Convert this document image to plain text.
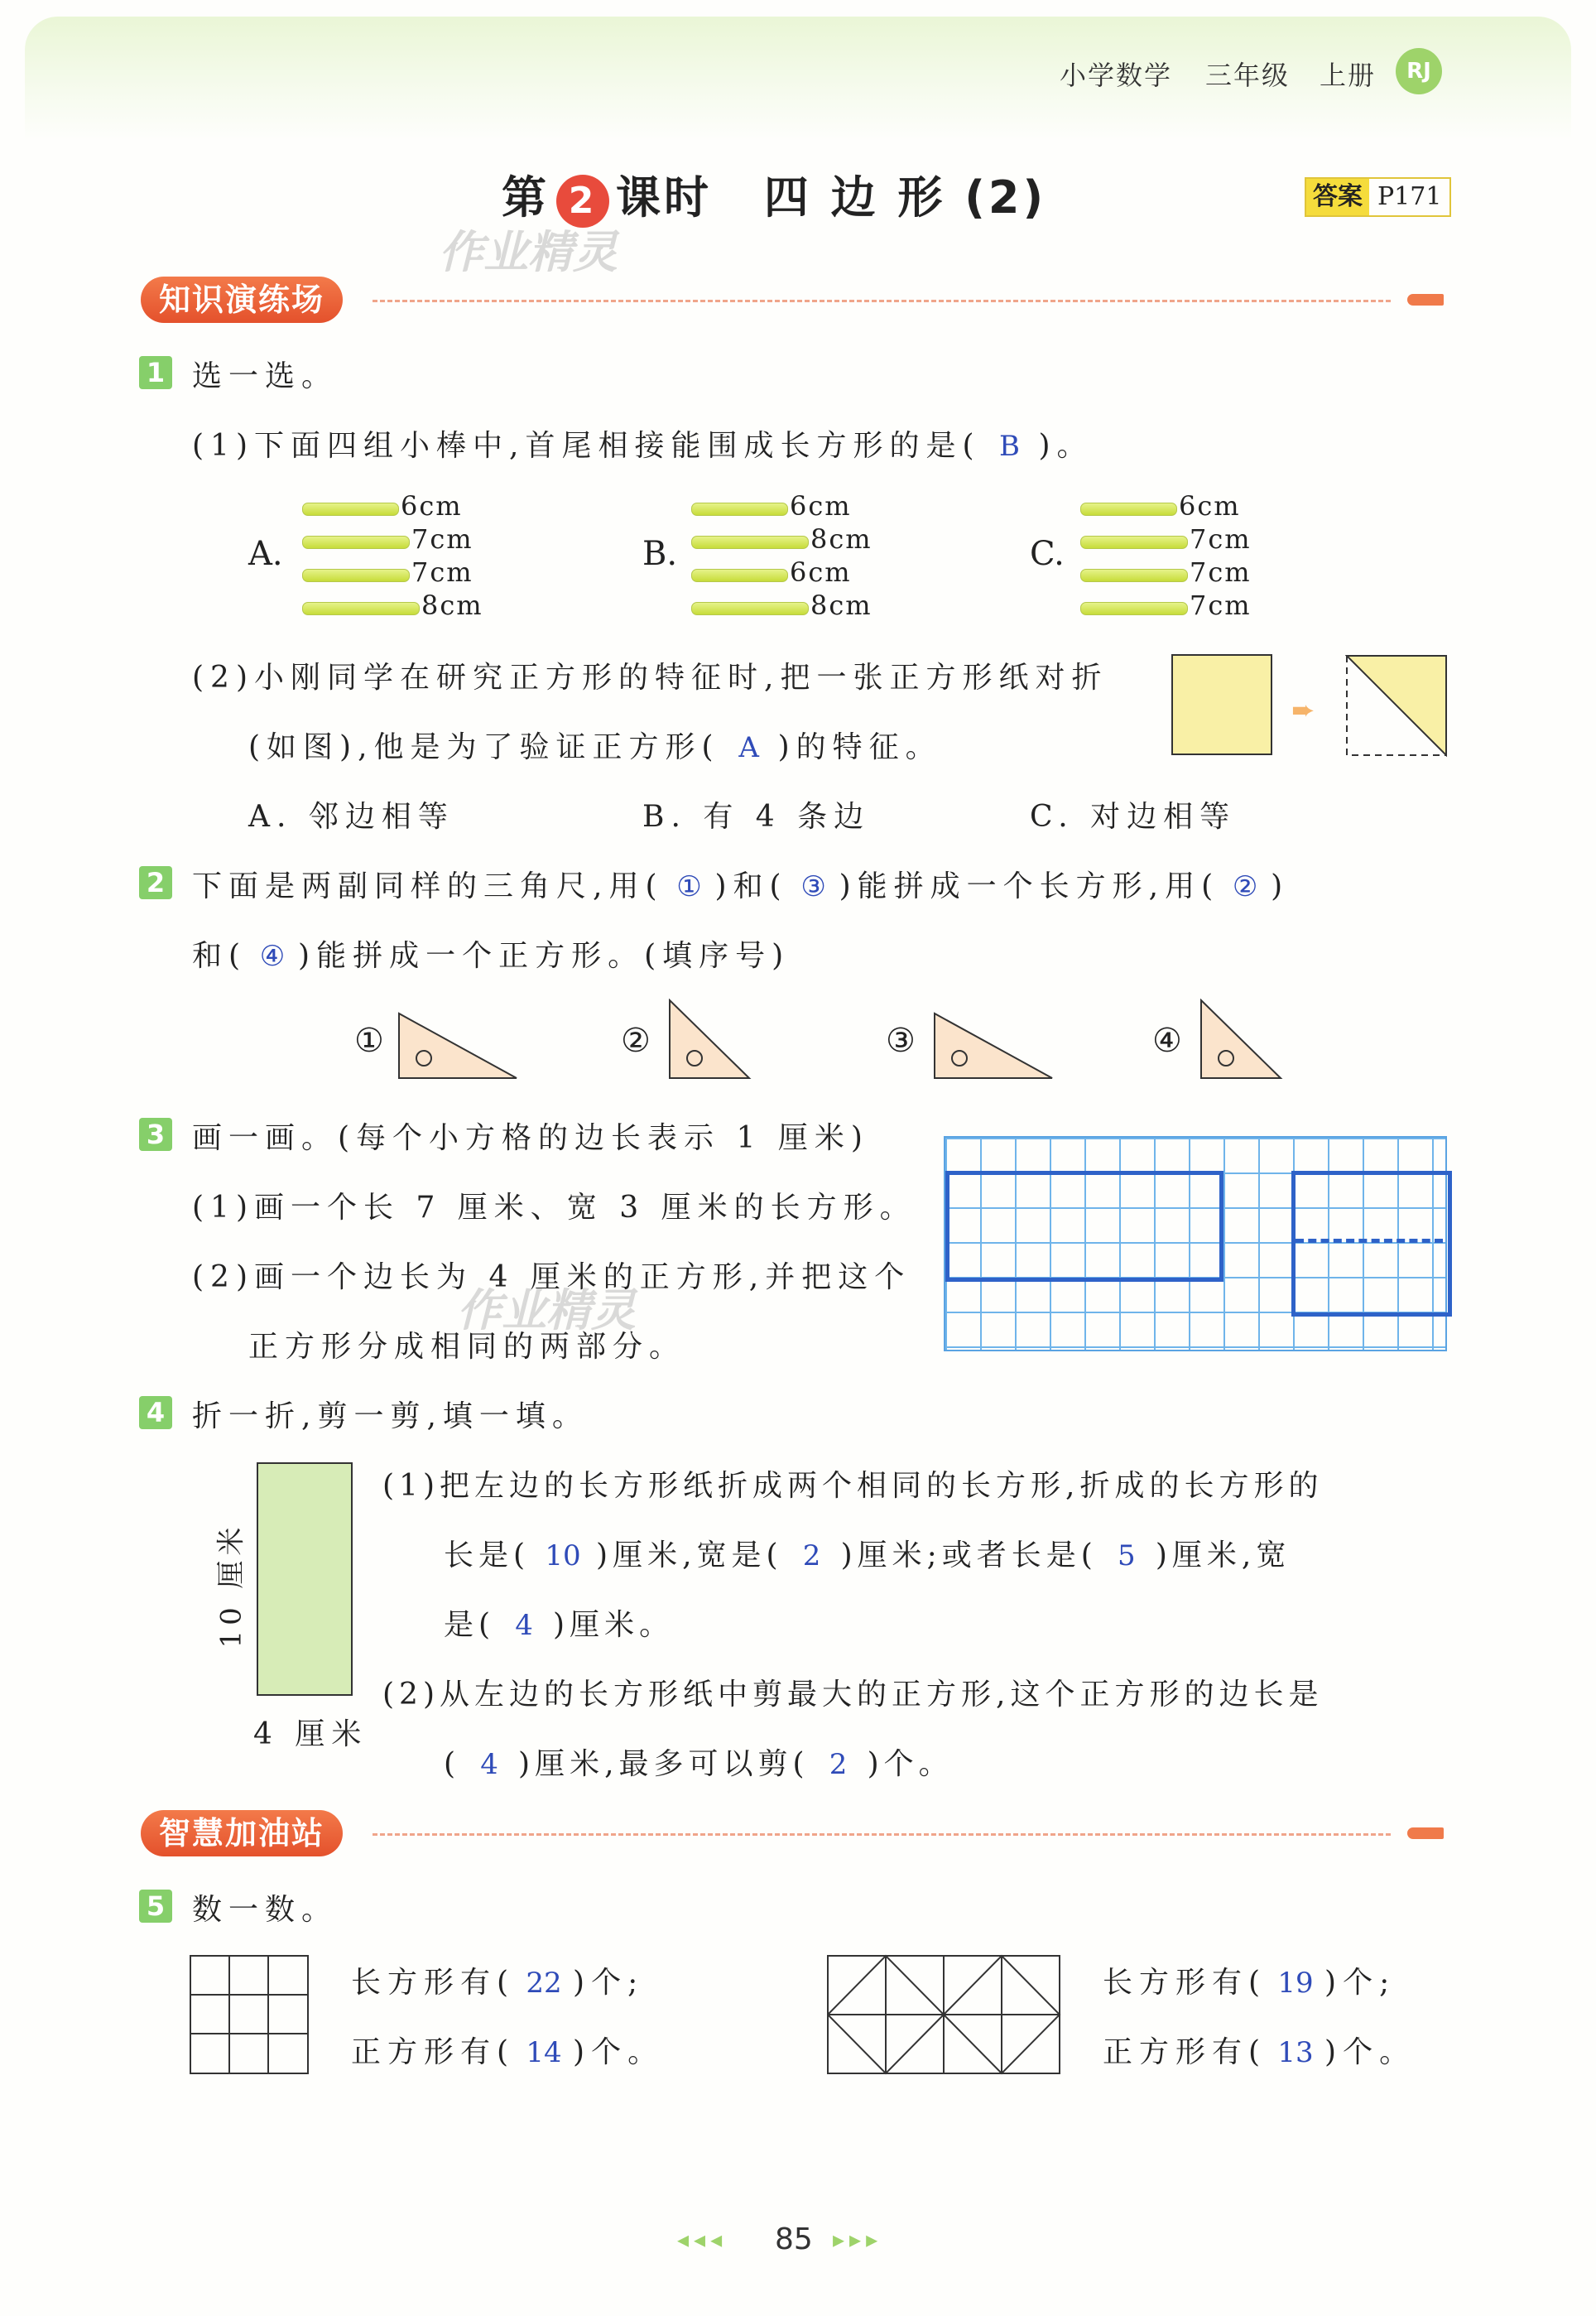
小学数学 三年级 上册	RJ
第 2 课时 四 边 形 (2)	答案 P171
作业精灵
知识演练场
1 选一选。
(1)下面四组小棒中,首尾相接能围成长方形的是( B )。
A.
6cm
7cm
7cm
8cm
B.
6cm
8cm
6cm
8cm
C.
6cm
7cm
7cm
7cm
(2)小刚同学在研究正方形的特征时,把一张正方形纸对折
(如图),他是为了验证正方形( A )的特征。
➨
A. 邻边相等	B. 有 4 条边	C. 对边相等
2 下面是两副同样的三角尺,用( ① )和( ③ )能拼成一个长方形,用( ② )
和( ④ )能拼成一个正方形。(填序号)
①	②	③	④
3 画一画。(每个小方格的边长表示 1 厘米)
(1)画一个长 7 厘米、宽 3 厘米的长方形。
(2)画一个边长为 4 厘米的正方形,并把这个
正方形分成相同的两部分。
作业精灵
4 折一折,剪一剪,填一填。
10 厘米
4 厘米
(1)把左边的长方形纸折成两个相同的长方形,折成的长方形的
长是( 10 )厘米,宽是( 2 )厘米;或者长是( 5 )厘米,宽
是( 4 )厘米。
(2)从左边的长方形纸中剪最大的正方形,这个正方形的边长是
( 4 )厘米,最多可以剪( 2 )个。
智慧加油站
5 数一数。
长方形有( 22 )个;
正方形有( 14 )个。
长方形有( 19 )个;
正方形有( 13 )个。
◂◂◂ 85 ▸▸▸
